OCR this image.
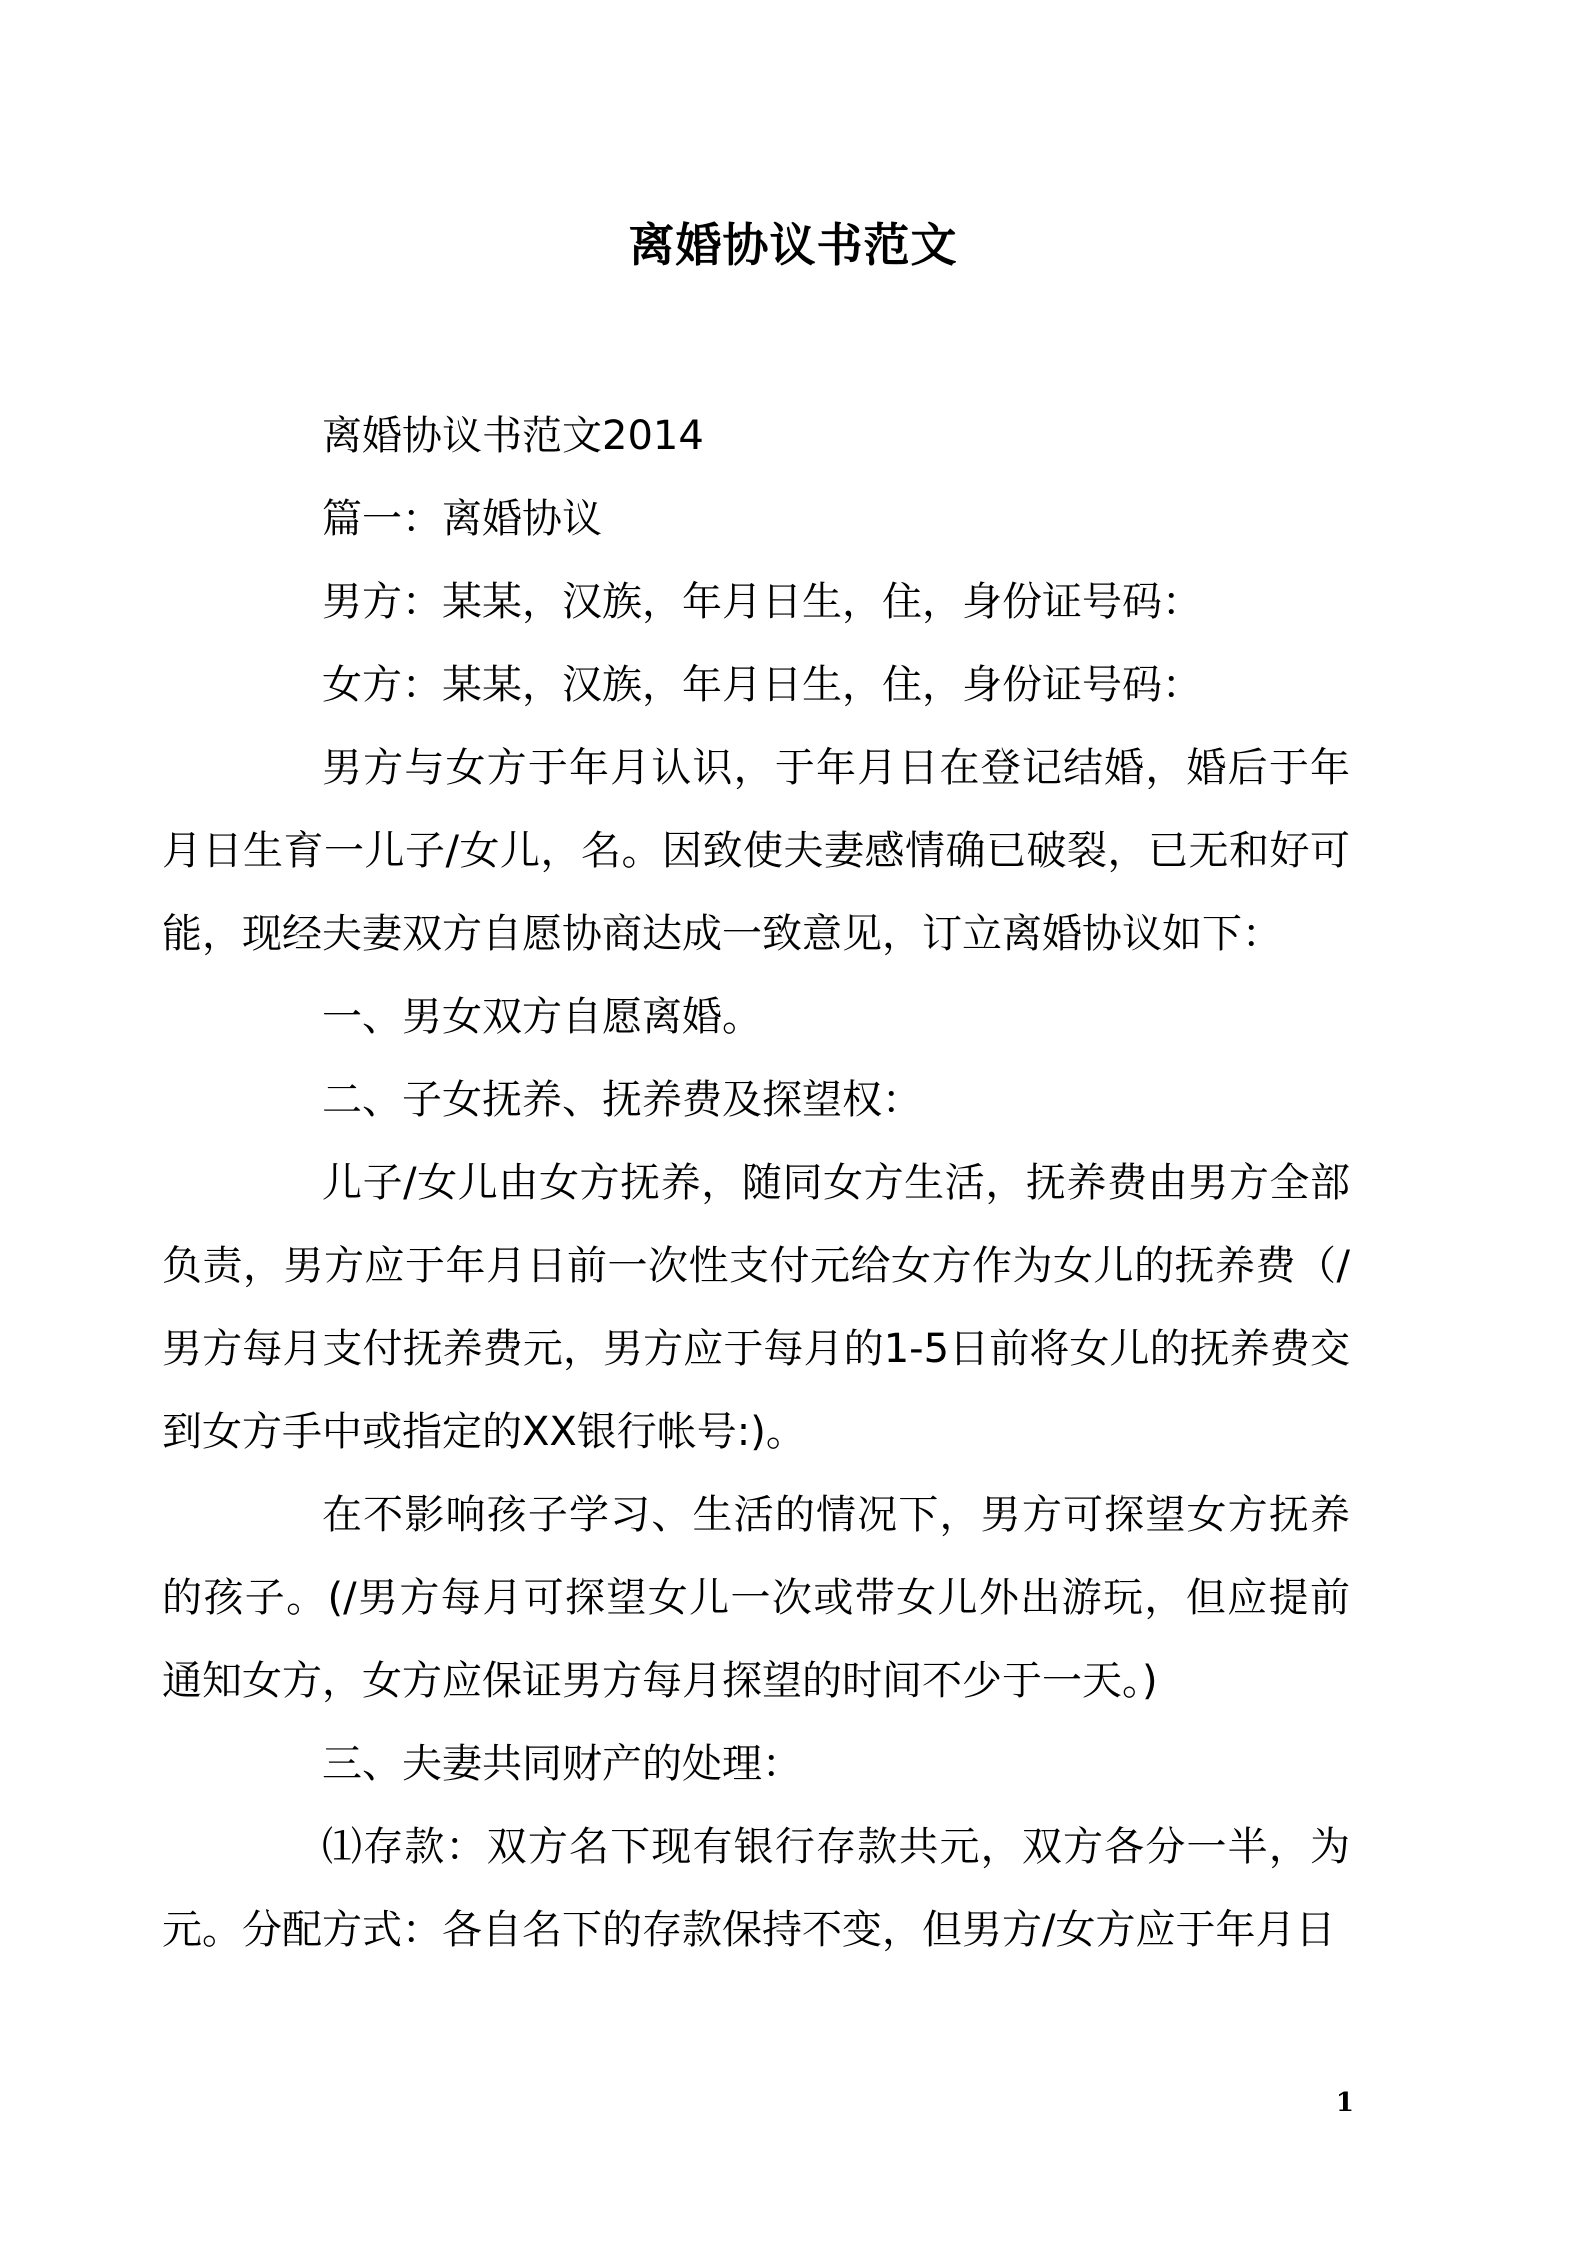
离婚协议书范文

离婚协议书范文2014

篇一：离婚协议

男方：某某，汉族，年月日生，住，身份证号码：

女方：某某，汉族，年月日生，住，身份证号码：

男方与女方于年月认识，于年月日在登记结婚，婚后于年月日生育一儿子/女儿，名。因致使夫妻感情确已破裂，已无和好可能，现经夫妻双方自愿协商达成一致意见，订立离婚协议如下：

一、男女双方自愿离婚。

二、子女抚养、抚养费及探望权：

儿子/女儿由女方抚养，随同女方生活，抚养费由男方全部负责，男方应于年月日前一次性支付元给女方作为女儿的抚养费（/男方每月支付抚养费元，男方应于每月的1-5日前将女儿的抚养费交到女方手中或指定的XX银行帐号:)。

在不影响孩子学习、生活的情况下，男方可探望女方抚养的孩子。(/男方每月可探望女儿一次或带女儿外出游玩，但应提前通知女方，女方应保证男方每月探望的时间不少于一天。)

三、夫妻共同财产的处理：

⑴存款：双方名下现有银行存款共元，双方各分一半，为元。分配方式：各自名下的存款保持不变，但男方/女方应于年月日

1
